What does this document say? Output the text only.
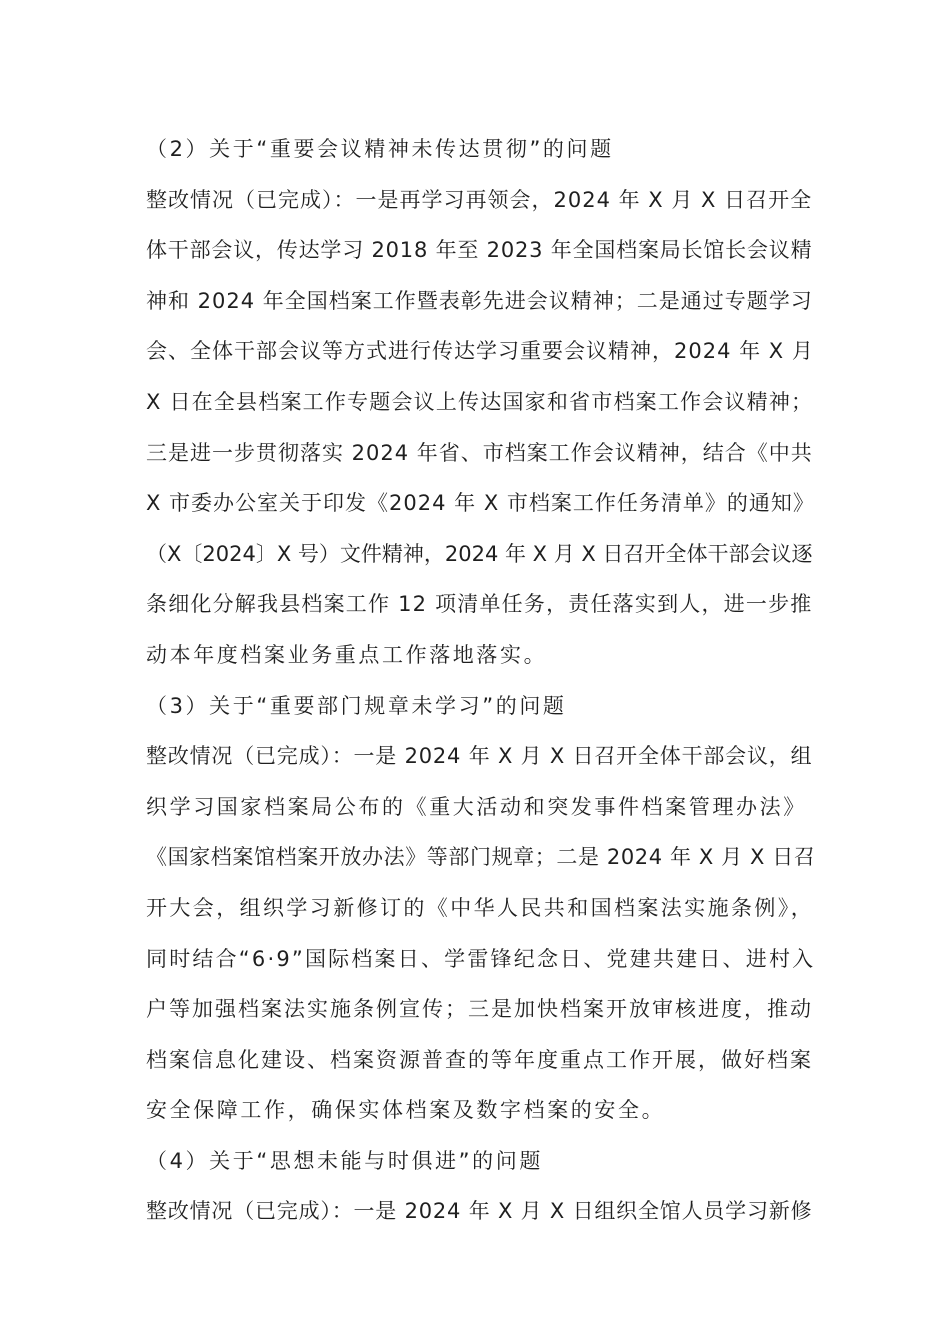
（2）关于“重要会议精神未传达贯彻”的问题
整改情况（已完成）：一是再学习再领会，2024 年 X 月 X 日召开全
体干部会议，传达学习 2018 年至 2023 年全国档案局长馆长会议精
神和 2024 年全国档案工作暨表彰先进会议精神；二是通过专题学习
会、全体干部会议等方式进行传达学习重要会议精神，2024 年 X 月
X 日在全县档案工作专题会议上传达国家和省市档案工作会议精神；
三是进一步贯彻落实 2024 年省、市档案工作会议精神，结合《中共
X 市委办公室关于印发《2024 年 X 市档案工作任务清单》的通知》
（X〔2024〕X 号）文件精神，2024 年 X 月 X 日召开全体干部会议逐
条细化分解我县档案工作 12 项清单任务，责任落实到人，进一步推
动本年度档案业务重点工作落地落实。
（3）关于“重要部门规章未学习”的问题
整改情况（已完成）：一是 2024 年 X 月 X 日召开全体干部会议，组
织学习国家档案局公布的《重大活动和突发事件档案管理办法》
《国家档案馆档案开放办法》等部门规章；二是 2024 年 X 月 X 日召
开大会，组织学习新修订的《中华人民共和国档案法实施条例》，
同时结合“6·9”国际档案日、学雷锋纪念日、党建共建日、进村入
户等加强档案法实施条例宣传；三是加快档案开放审核进度，推动
档案信息化建设、档案资源普查的等年度重点工作开展，做好档案
安全保障工作，确保实体档案及数字档案的安全。
（4）关于“思想未能与时俱进”的问题
整改情况（已完成）：一是 2024 年 X 月 X 日组织全馆人员学习新修
